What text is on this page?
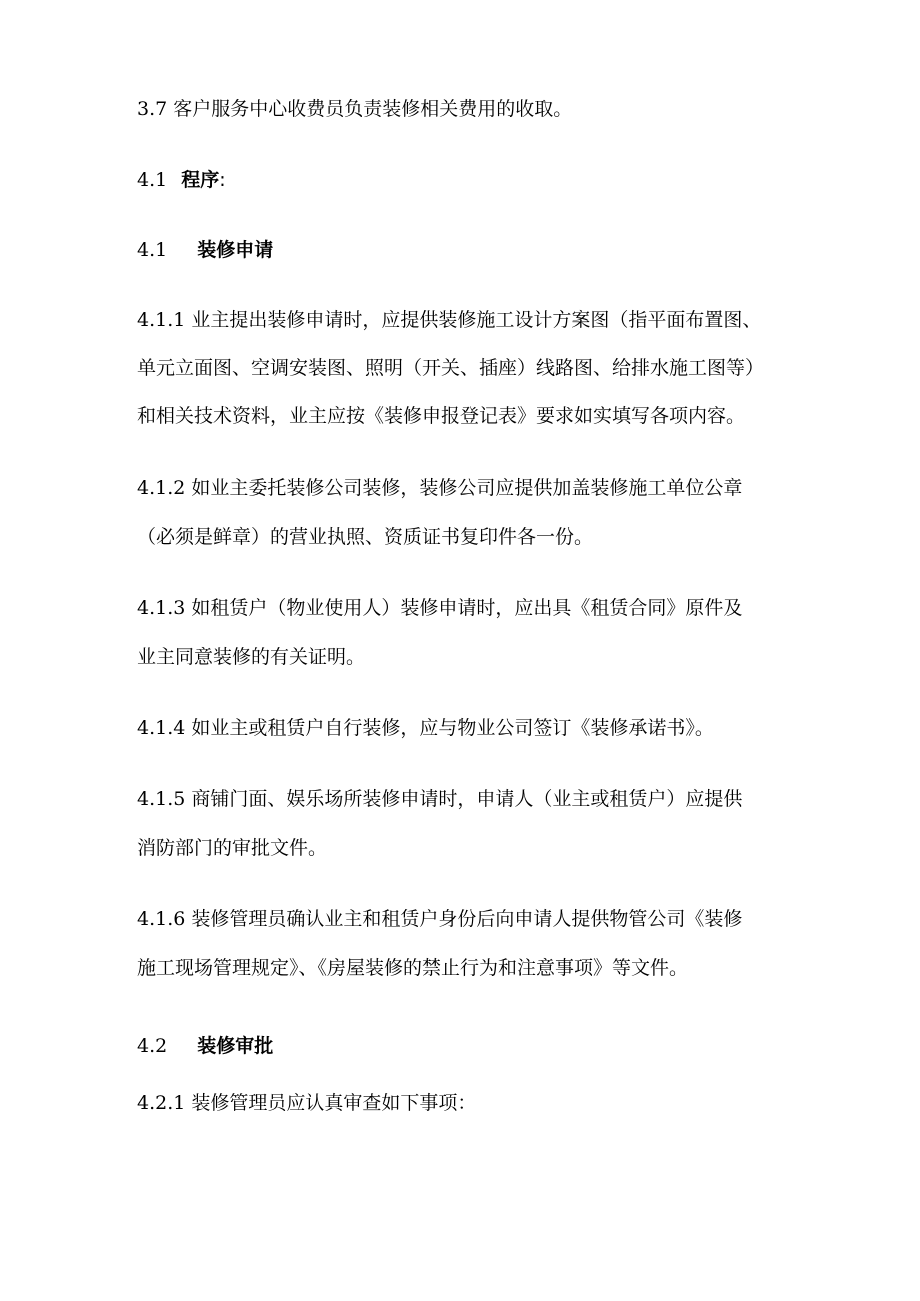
3.7 客户服务中心收费员负责装修相关费用的收取。

4.1 程序:

4.1 装修申请

4.1.1 业主提出装修申请时，应提供装修施工设计方案图（指平面布置图、

单元立面图、空调安装图、照明（开关、插座）线路图、给排水施工图等）

和相关技术资料，业主应按《装修申报登记表》要求如实填写各项内容。

4.1.2 如业主委托装修公司装修，装修公司应提供加盖装修施工单位公章

（必须是鲜章）的营业执照、资质证书复印件各一份。

4.1.3 如租赁户（物业使用人）装修申请时，应出具《租赁合同》原件及

业主同意装修的有关证明。

4.1.4 如业主或租赁户自行装修，应与物业公司签订《装修承诺书》。

4.1.5 商铺门面、娱乐场所装修申请时，申请人（业主或租赁户）应提供

消防部门的审批文件。

4.1.6 装修管理员确认业主和租赁户身份后向申请人提供物管公司《装修

施工现场管理规定》、《房屋装修的禁止行为和注意事项》等文件。

4.2 装修审批

4.2.1 装修管理员应认真审查如下事项：
